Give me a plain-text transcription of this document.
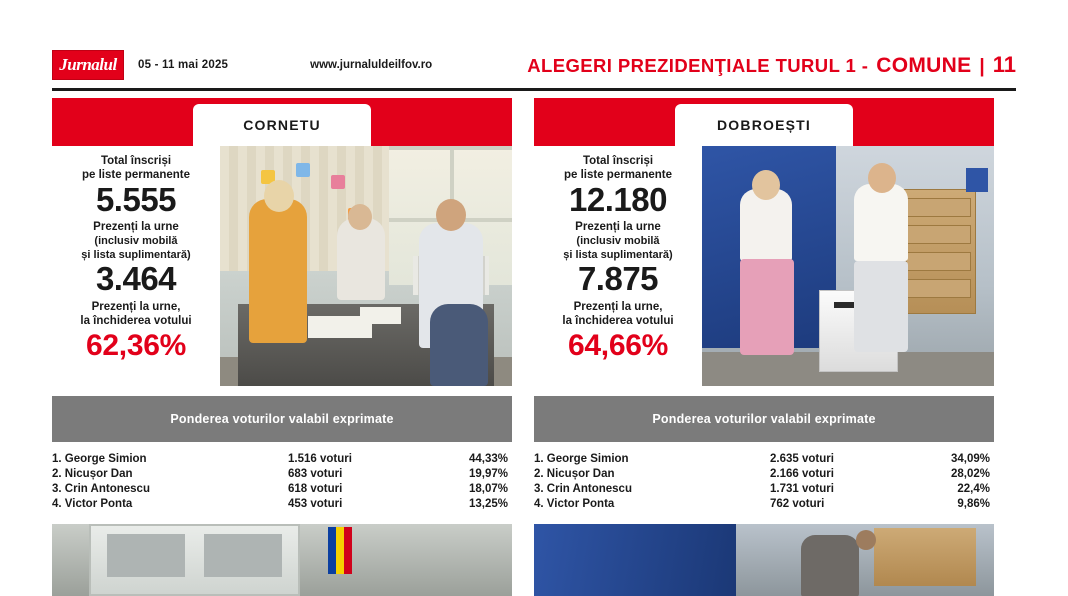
Jurnalul	05 - 11 mai 2025	www.jurnaluldeilfov.ro	ALEGERI PREZIDENŢIALE TURUL 1 - COMUNE | 11
CORNETU
Total înscriși
pe liste permanente
5.555
Prezenți la urne
(inclusiv mobilă
și lista suplimentară)
3.464
Prezenți la urne,
la închiderea votului
62,36%
Ponderea voturilor valabil exprimate
1. George Simion	1.516 voturi	44,33%
2. Nicușor Dan	683 voturi	19,97%
3. Crin Antonescu	618 voturi	18,07%
4. Victor Ponta	453 voturi	13,25%
DOBROEȘTI
Total înscriși
pe liste permanente
12.180
Prezenți la urne
(inclusiv mobilă
și lista suplimentară)
7.875
Prezenți la urne,
la închiderea votului
64,66%
Ponderea voturilor valabil exprimate
1. George Simion	2.635 voturi	34,09%
2. Nicușor Dan	2.166 voturi	28,02%
3. Crin Antonescu	1.731 voturi	22,4%
4. Victor Ponta	762 voturi	9,86%
